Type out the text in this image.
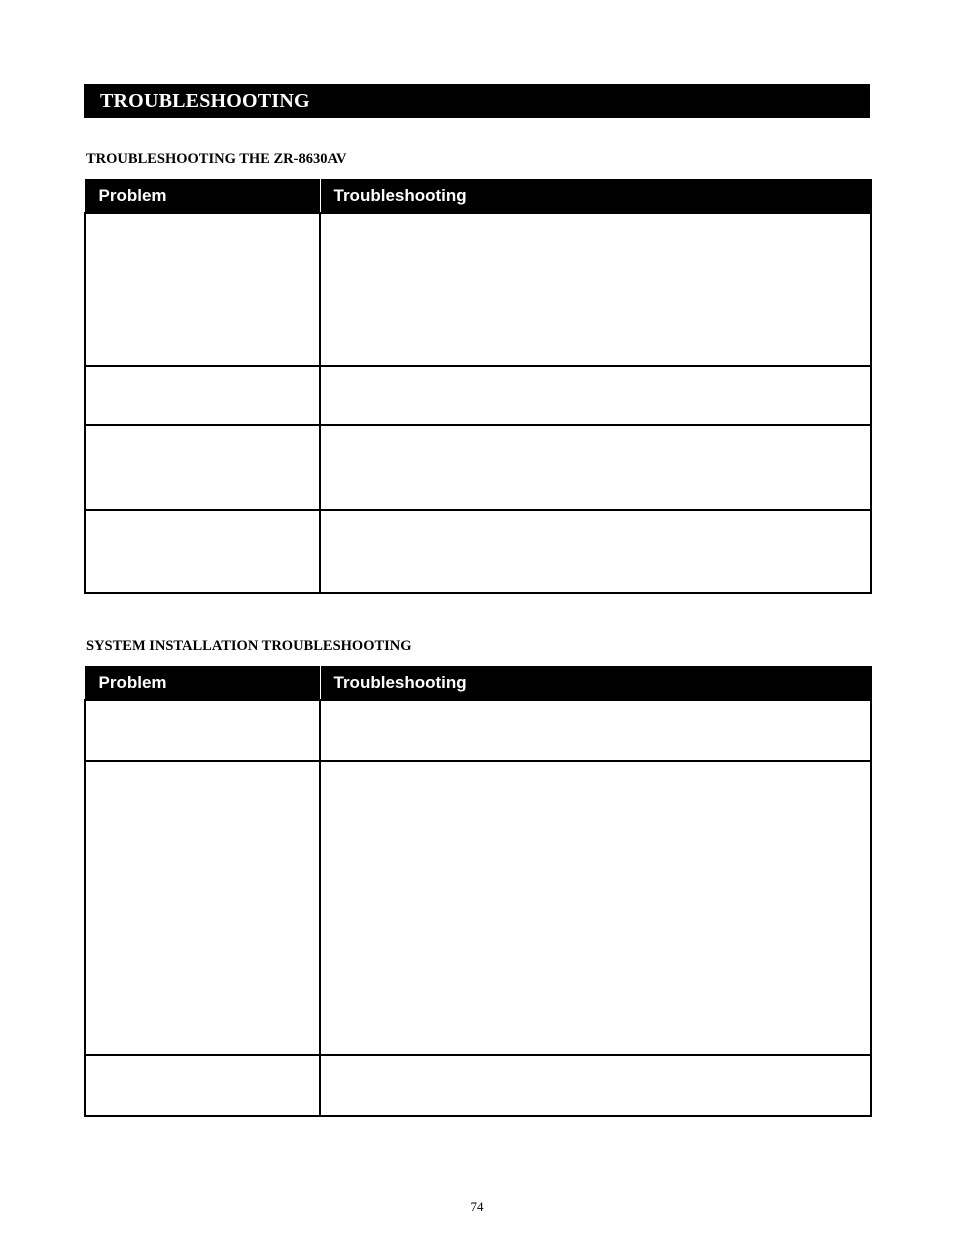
TROUBLESHOOTING
TROUBLESHOOTING THE ZR-8630AV
Problem	Troubleshooting

SYSTEM INSTALLATION TROUBLESHOOTING
Problem	Troubleshooting

74
